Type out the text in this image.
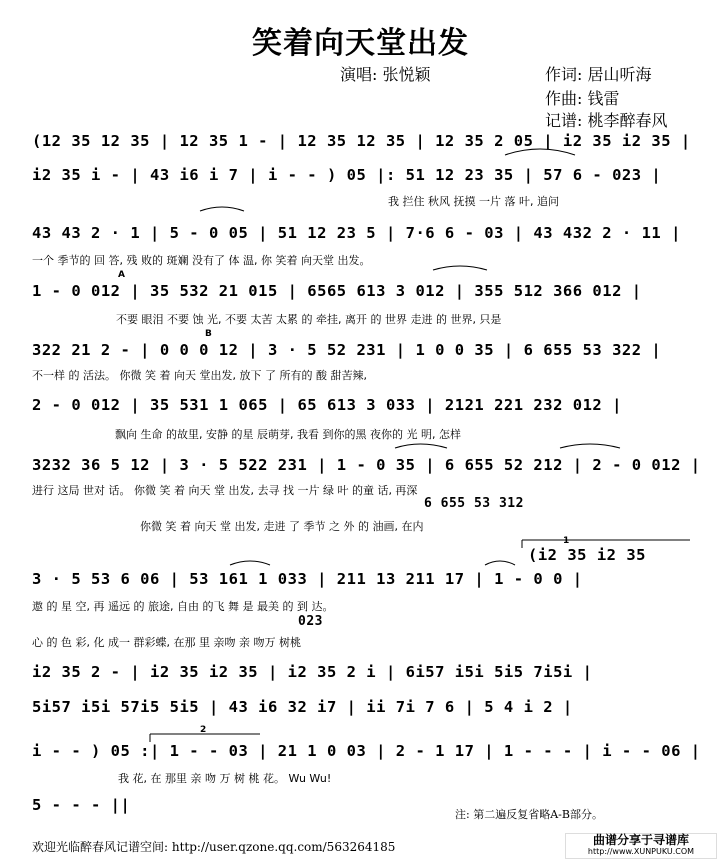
笑着向天堂出发
演唱: 张悦颖	作词: 居山听海
作曲: 钱雷
记谱: 桃李醉春风
(12 35 12 35 | 12 35 1 - | 12 35 12 35 | 12 35 2 05 | i2 35 i2 35 |
i2 35 i - | 43 i6 i 7 | i - - ) 05 |: 51 12 23 35 | 57 6 - 023 |
我 拦住 秋风 抚摸 一片 落 叶, 追问
43 43 2 · 1 | 5 - 0 05 | 51 12 23 5 | 7·6 6 - 03 | 43 432 2 · 11 |
一个 季节的 回 答, 残 败的 斑斓 没有了 体 温, 你 笑着 向天堂 出发。
A
1 - 0 012 | 35 532 21 015 | 6565 613 3 012 | 355 512 366 012 |
不要 眼泪 不要 蚀 光, 不要 太苦 太累 的 牵挂, 离开 的 世界 走进 的 世界, 只是
B
322 21 2 - | 0 0 0 12 | 3 · 5 52 231 | 1 0 0 35 | 6 655 53 322 |
不一样 的 活法。 你微 笑 着 向天 堂出发, 放下 了 所有的 酸 甜苦辣,
2 - 0 012 | 35 531 1 065 | 65 613 3 033 | 2121 221 232 012 |
飘向 生命 的故里, 安静 的星 辰萌芽, 我看 到你的黑 夜你的 光 明, 怎样
3232 36 5 12 | 3 · 5 522 231 | 1 - 0 35 | 6 655 52 212 | 2 - 0 012 |
进行 这局 世对 话。 你微 笑 着 向天 堂 出发, 去寻 找 一片 绿 叶 的童 话, 再深
6 655 53 312
你微 笑 着 向天 堂 出发, 走进 了 季节 之 外 的 油画, 在内
1
(i2 35 i2 35
3 · 5 53 6 06 | 53 161 1 033 | 211 13 211 17 | 1 - 0 0 |
遨 的 星 空, 再 遥远 的 旅途, 自由 的飞 舞 是 最美 的 到 达。
023
心 的 色 彩, 化 成一 群彩蝶, 在那 里 亲吻 亲 吻万 树桃
i2 35 2 - | i2 35 i2 35 | i2 35 2 i | 6i57 i5i 5i5 7i5i |
5i57 i5i 57i5 5i5 | 43 i6 32 i7 | ii 7i 7 6 | 5 4 i 2 |
2
i - - ) 05 :| 1 - - 03 | 21 1 0 03 | 2 - 1 17 | 1 - - - | i - - 06 |
我 花, 在 那里 亲 吻 万 树 桃 花。 Wu Wu!
5 - - - ||
注: 第二遍反复省略A-B部分。
欢迎光临醉春风记谱空间: http://user.qzone.qq.com/563264185	曲谱分享于寻谱库
http://www.XUNPUKU.COM
